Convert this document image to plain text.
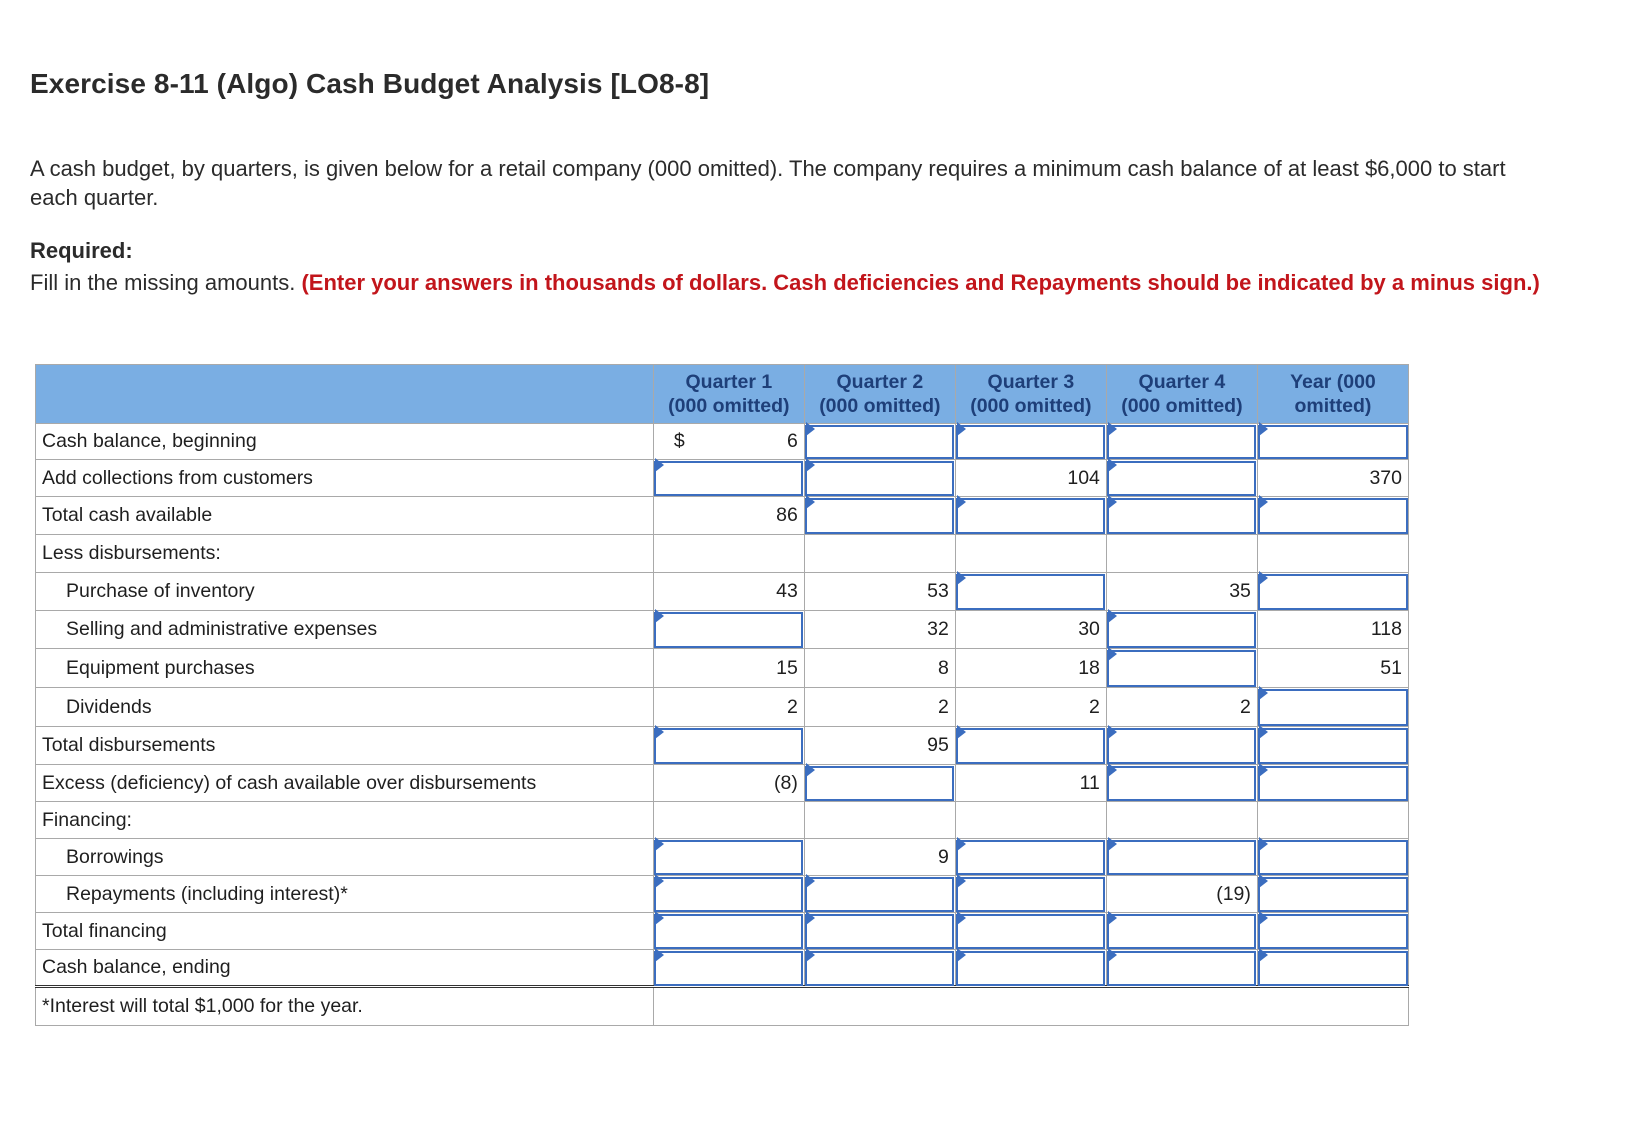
Exercise 8-11 (Algo) Cash Budget Analysis [LO8-8]

A cash budget, by quarters, is given below for a retail company (000 omitted). The company requires a minimum cash balance of at least $6,000 to start each quarter.

Required:

Fill in the missing amounts. (Enter your answers in thousands of dollars. Cash deficiencies and Repayments should be indicated by a minus sign.)

	Quarter 1
(000 omitted)	Quarter 2
(000 omitted)	Quarter 3
(000 omitted)	Quarter 4
(000 omitted)	Year (000
omitted)
Cash balance, beginning	$ 6				
Add collections from customers			104		370
Total cash available	86				
Less disbursements:					
Purchase of inventory	43	53		35	
Selling and administrative expenses		32	30		118
Equipment purchases	15	8	18		51
Dividends	2	2	2	2	
Total disbursements		95			
Excess (deficiency) of cash available over disbursements	(8)		11		
Financing:					
Borrowings		9			
Repayments (including interest)*				(19)	
Total financing					
Cash balance, ending					
*Interest will total $1,000 for the year.					
